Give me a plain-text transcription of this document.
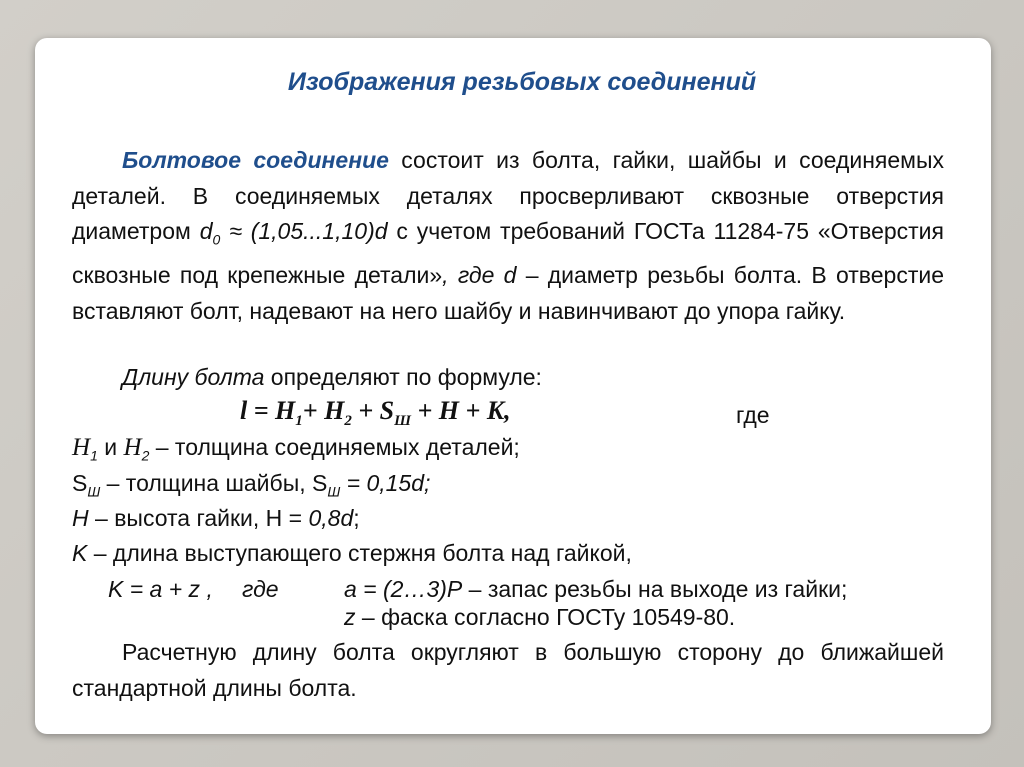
Изображения резьбовых соединений
Болтовое соединение состоит из болта, гайки, шайбы и соединяемых деталей. В соединяемых деталях просверливают сквозные отверстия диаметром $d_0 \approx (1,05...1,10)d$ с учетом требований ГОСТа 11284-75 «Отверстия сквозные под крепежные детали», где d – диаметр резьбы болта. В отверстие вставляют болт, надевают на него шайбу и навинчивают до упора гайку.
Длину болта определяют по формуле:
$l = H_1+ H_2 + S_Ш + H + K$,	где
$H_1$ и $H_2$ – толщина соединяемых деталей;
$S_Ш$ – толщина шайбы, $S_Ш = 0,15d$;
Н – высота гайки, Н = 0,8d;
K – длина выступающего стержня болта над гайкой,
K = a + z , где	a = (2…3)P – запас резьбы на выходе из гайки;
z – фаска согласно ГОСТу 10549-80.
Расчетную длину болта округляют в большую сторону до ближайшей стандартной длины болта.
